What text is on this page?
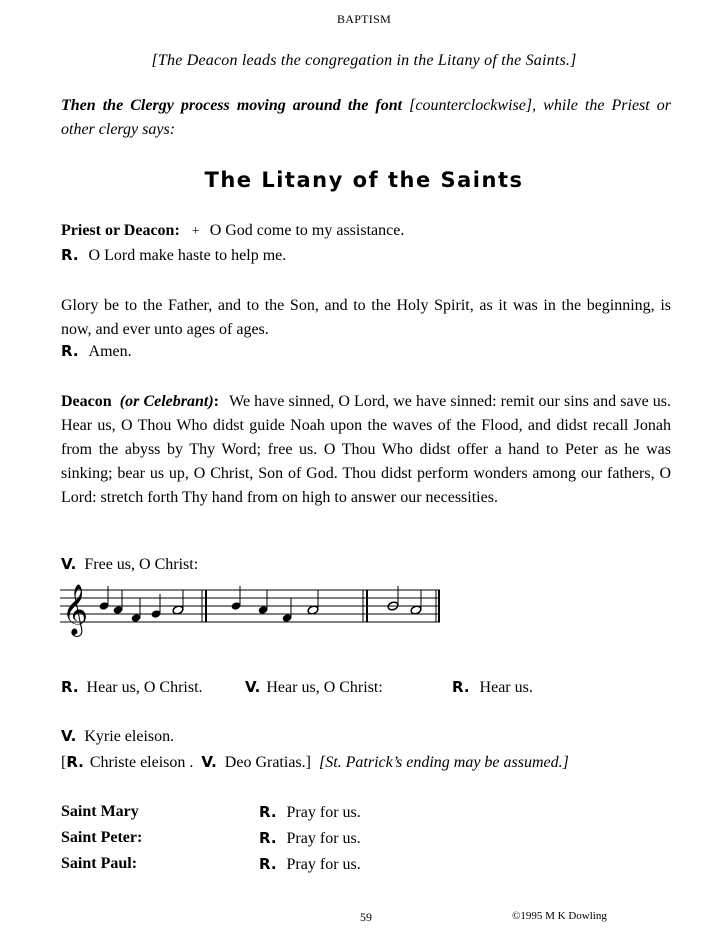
BAPTISM
[The Deacon leads the congregation in the Litany of the Saints.]
Then the Clergy process moving around the font [counterclockwise], while the Priest or other clergy says:
The Litany of the Saints
Priest or Deacon: + O God come to my assistance.
R. O Lord make haste to help me.
Glory be to the Father, and to the Son, and to the Holy Spirit, as it was in the beginning, is now, and ever unto ages of ages.
R. Amen.
Deacon (or Celebrant): We have sinned, O Lord, we have sinned: remit our sins and save us. Hear us, O Thou Who didst guide Noah upon the waves of the Flood, and didst recall Jonah from the abyss by Thy Word; free us. O Thou Who didst offer a hand to Peter as he was sinking; bear us up, O Christ, Son of God. Thou didst perform wonders among our fathers, O Lord: stretch forth Thy hand from on high to answer our necessities.
V. Free us, O Christ:
𝄞
R. Hear us, O Christ.	V. Hear us, O Christ:	R. Hear us.
V. Kyrie eleison.
[R. Christe eleison . V. Deo Gratias.] [St. Patrick’s ending may be assumed.]
Saint Mary	R. Pray for us.
Saint Peter:	R. Pray for us.
Saint Paul:	R. Pray for us.
59	©1995 M K Dowling
